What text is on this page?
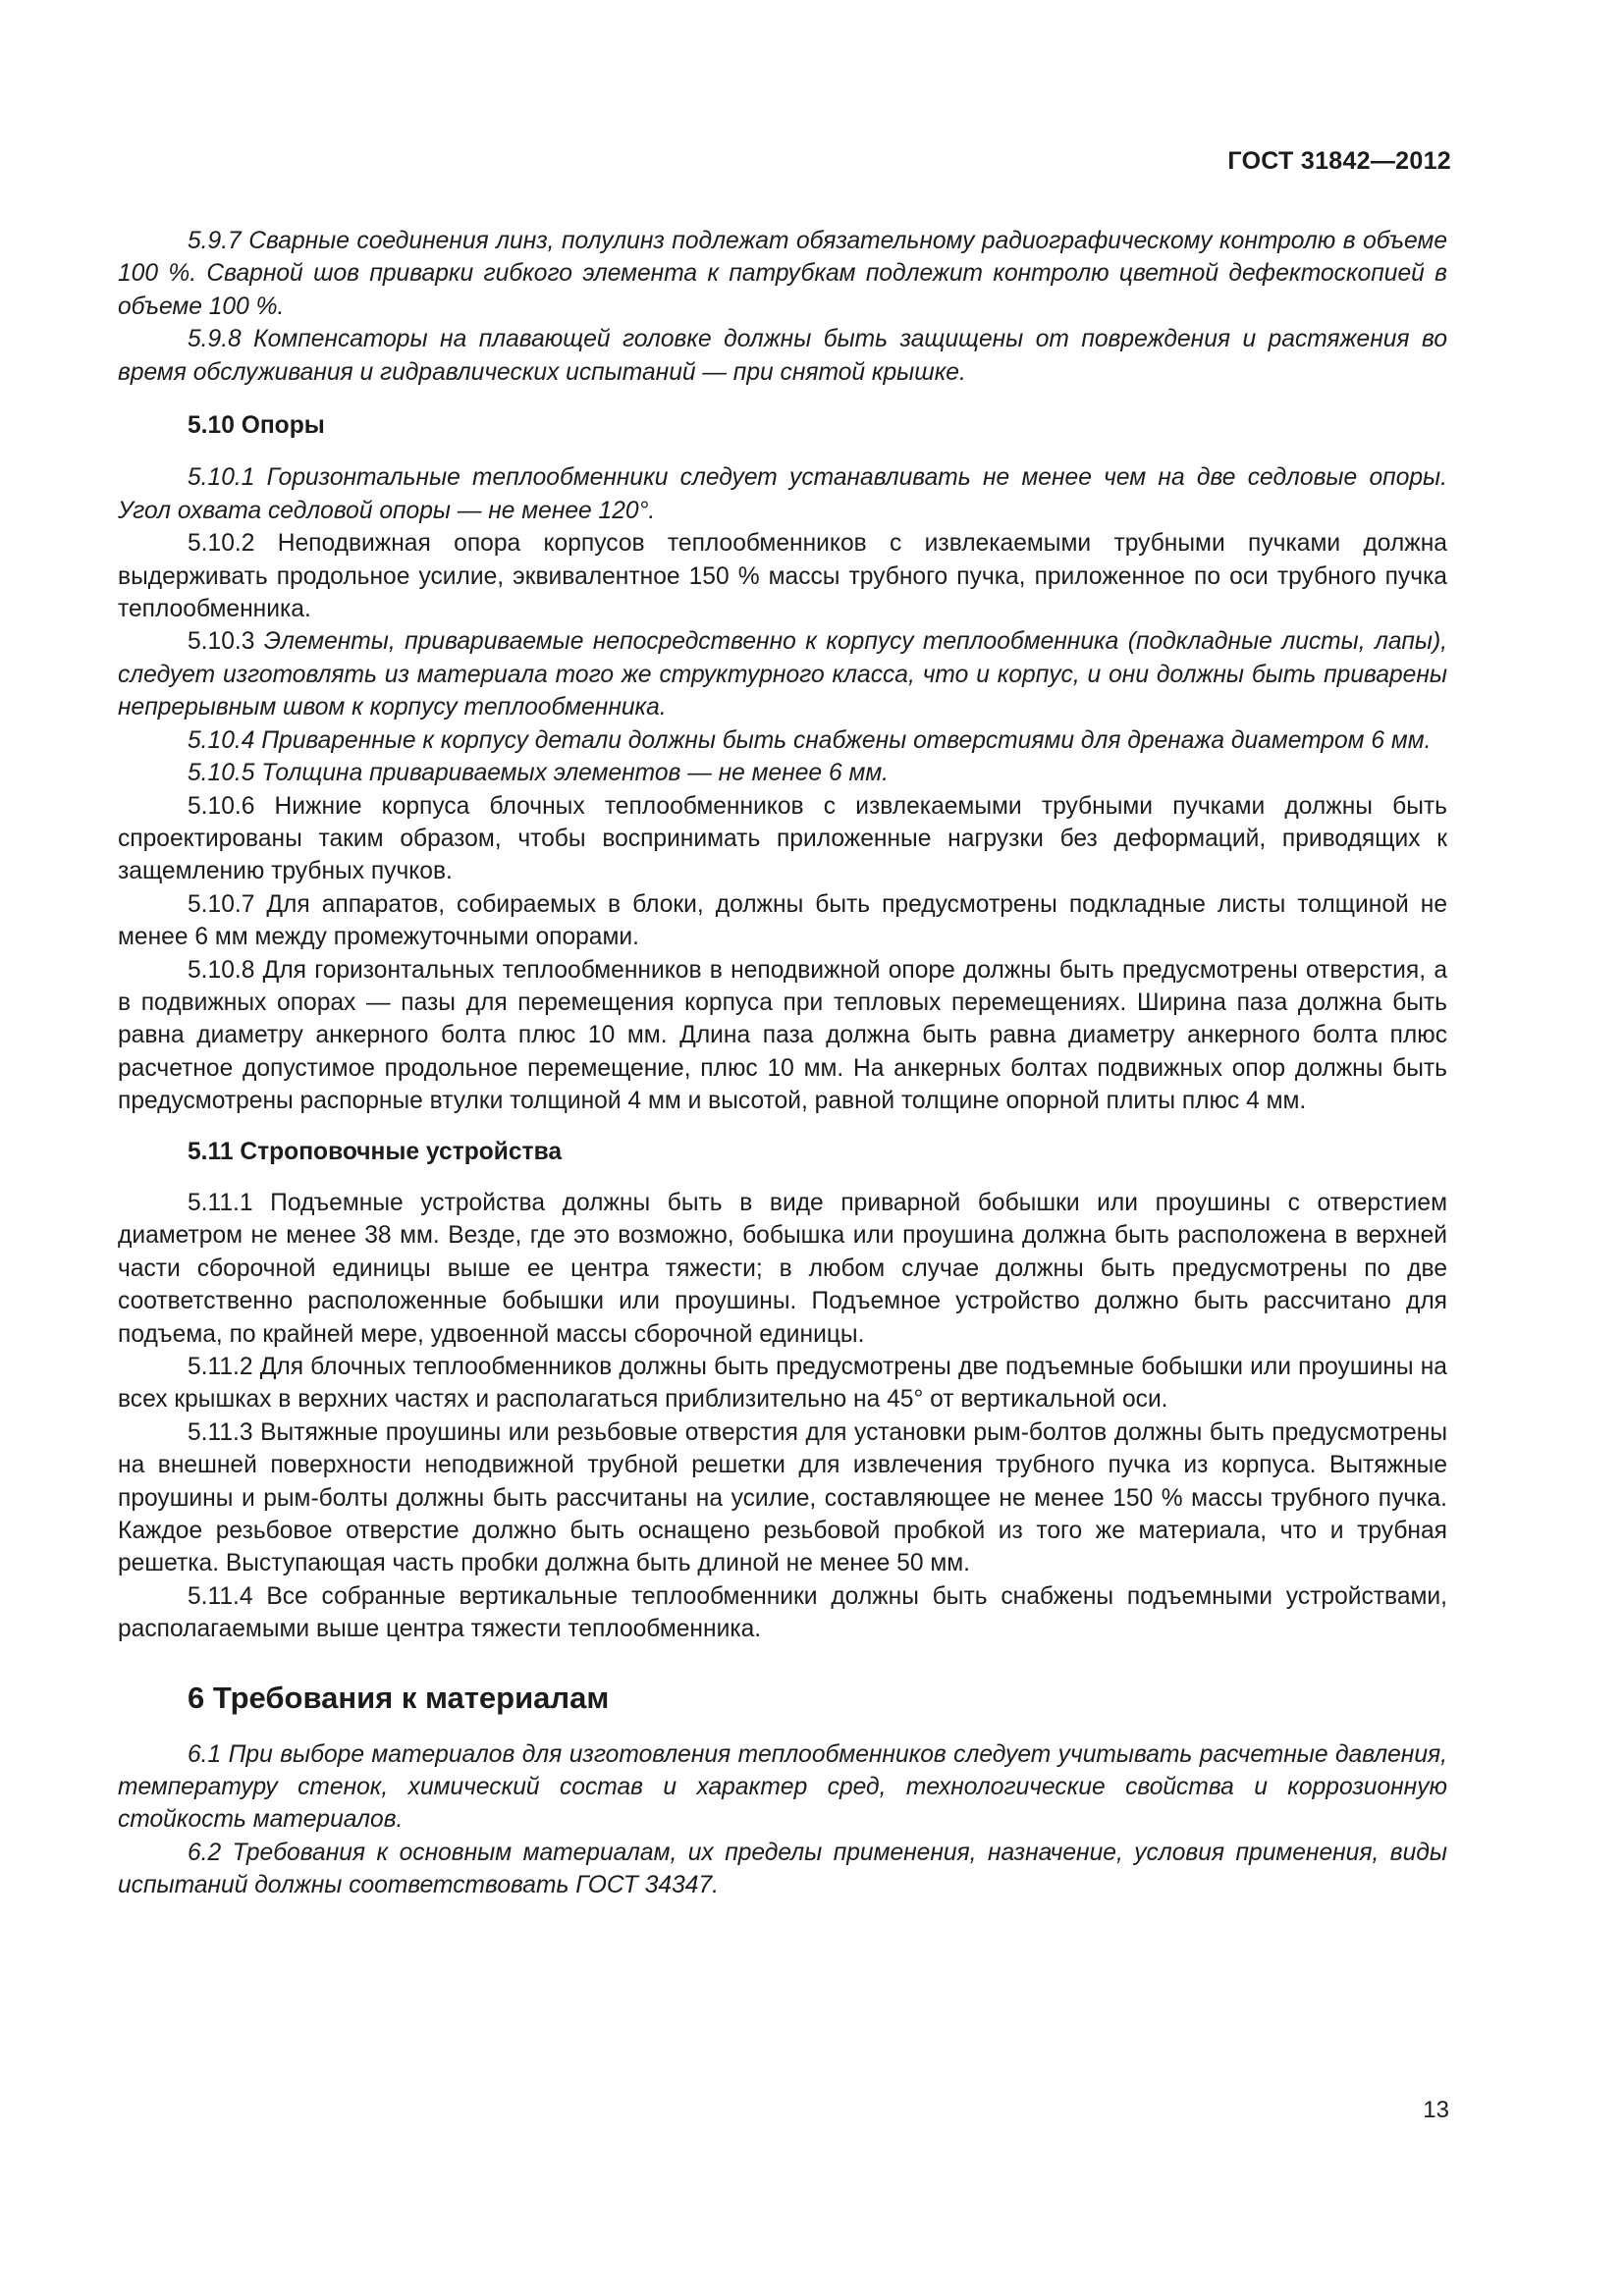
ГОСТ 31842—2012

5.9.7 Сварные соединения линз, полулинз подлежат обязательному радиографическому контролю в объеме 100 %. Сварной шов приварки гибкого элемента к патрубкам подлежит контролю цветной дефектоскопией в объеме 100 %.

5.9.8 Компенсаторы на плавающей головке должны быть защищены от повреждения и растяжения во время обслуживания и гидравлических испытаний — при снятой крышке.

5.10 Опоры

5.10.1 Горизонтальные теплообменники следует устанавливать не менее чем на две седловые опоры. Угол охвата седловой опоры — не менее 120°.

5.10.2 Неподвижная опора корпусов теплообменников с извлекаемыми трубными пучками должна выдерживать продольное усилие, эквивалентное 150 % массы трубного пучка, приложенное по оси трубного пучка теплообменника.

5.10.3 Элементы, привариваемые непосредственно к корпусу теплообменника (подкладные листы, лапы), следует изготовлять из материала того же структурного класса, что и корпус, и они должны быть приварены непрерывным швом к корпусу теплообменника.

5.10.4 Приваренные к корпусу детали должны быть снабжены отверстиями для дренажа диаметром 6 мм.

5.10.5 Толщина привариваемых элементов — не менее 6 мм.

5.10.6 Нижние корпуса блочных теплообменников с извлекаемыми трубными пучками должны быть спроектированы таким образом, чтобы воспринимать приложенные нагрузки без деформаций, приводящих к защемлению трубных пучков.

5.10.7 Для аппаратов, собираемых в блоки, должны быть предусмотрены подкладные листы толщиной не менее 6 мм между промежуточными опорами.

5.10.8 Для горизонтальных теплообменников в неподвижной опоре должны быть предусмотрены отверстия, а в подвижных опорах — пазы для перемещения корпуса при тепловых перемещениях. Ширина паза должна быть равна диаметру анкерного болта плюс 10 мм. Длина паза должна быть равна диаметру анкерного болта плюс расчетное допустимое продольное перемещение, плюс 10 мм. На анкерных болтах подвижных опор должны быть предусмотрены распорные втулки толщиной 4 мм и высотой, равной толщине опорной плиты плюс 4 мм.

5.11 Строповочные устройства

5.11.1 Подъемные устройства должны быть в виде приварной бобышки или проушины с отверстием диаметром не менее 38 мм. Везде, где это возможно, бобышка или проушина должна быть расположена в верхней части сборочной единицы выше ее центра тяжести; в любом случае должны быть предусмотрены по две соответственно расположенные бобышки или проушины. Подъемное устройство должно быть рассчитано для подъема, по крайней мере, удвоенной массы сборочной единицы.

5.11.2 Для блочных теплообменников должны быть предусмотрены две подъемные бобышки или проушины на всех крышках в верхних частях и располагаться приблизительно на 45° от вертикальной оси.

5.11.3 Вытяжные проушины или резьбовые отверстия для установки рым-болтов должны быть предусмотрены на внешней поверхности неподвижной трубной решетки для извлечения трубного пучка из корпуса. Вытяжные проушины и рым-болты должны быть рассчитаны на усилие, составляющее не менее 150 % массы трубного пучка. Каждое резьбовое отверстие должно быть оснащено резьбовой пробкой из того же материала, что и трубная решетка. Выступающая часть пробки должна быть длиной не менее 50 мм.

5.11.4 Все собранные вертикальные теплообменники должны быть снабжены подъемными устройствами, располагаемыми выше центра тяжести теплообменника.

6 Требования к материалам

6.1 При выборе материалов для изготовления теплообменников следует учитывать расчетные давления, температуру стенок, химический состав и характер сред, технологические свойства и коррозионную стойкость материалов.

6.2 Требования к основным материалам, их пределы применения, назначение, условия применения, виды испытаний должны соответствовать ГОСТ 34347.

13
